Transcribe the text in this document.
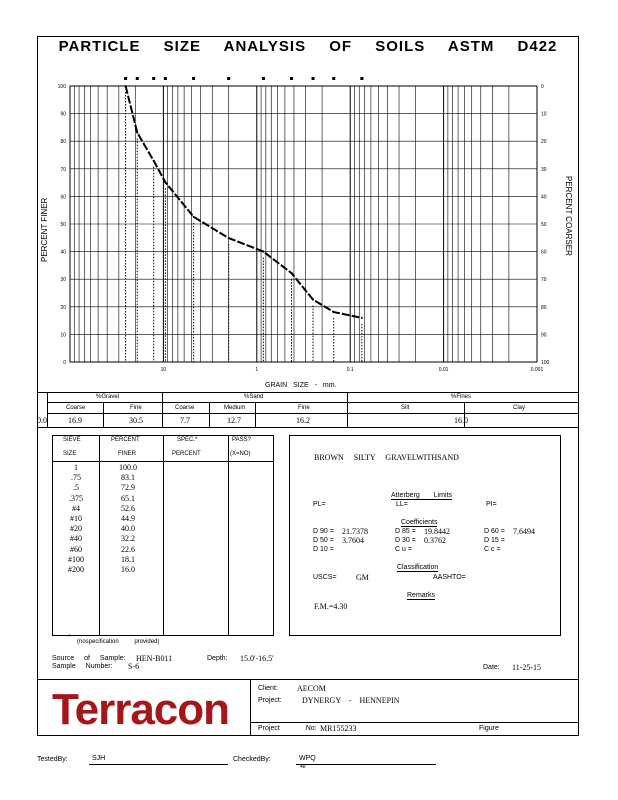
PARTICLE SIZE ANALYSIS OF SOILS ASTM D422
0	100
10	90
20	80
30	70
40	60
50	50
60	40
70	30
80	20
90	10
100	0
10	1	0.1	0.01	0.001
PERCENT FINER	PERCENT COARSER
GRAIN SIZE - mm.
%Gravel	%Sand	%Fines
Coarse	Fine	Coarse	Medium	Fine	Silt	Clay
0.0	16.9	30.5	7.7	12.7	16.2	16.0
SIEVE	PERCENT	SPEC.*	PASS?
SIZE	FINER	PERCENT	(X=NO)
1	100.0
.75	83.1
.5	72.9
.375	65.1
#4	52.6
#10	44.9
#20	40.0
#40	32.2
#60	22.6
#100	18.1
#200	16.0
*
(nospecification provided)
BROWN SILTY GRAVELWITHSAND
Atterberg Limits
PL=	LL=	PI=
Coefficients
D 90 = 21.7378	D 85 = 19.8442	D 60 = 7.6494
D 50 = 3.7604	D 30 = 0.3762	D 15 =
D 10 =	C u =	C c =
Classification
USCS= GM	AASHTO=
Remarks
F.M.=4.30
Source of Sample: HEN-B011	Depth: 15.0'-16.5'
Sample Number: S-6	Date: 11-25-15
Terracon	Client: AECOM
Project:	DYNERGY - HENNEPIN
Project No: MR155233	Figure
TestedBy:	SJH	CheckedBy:	WPQ
48
